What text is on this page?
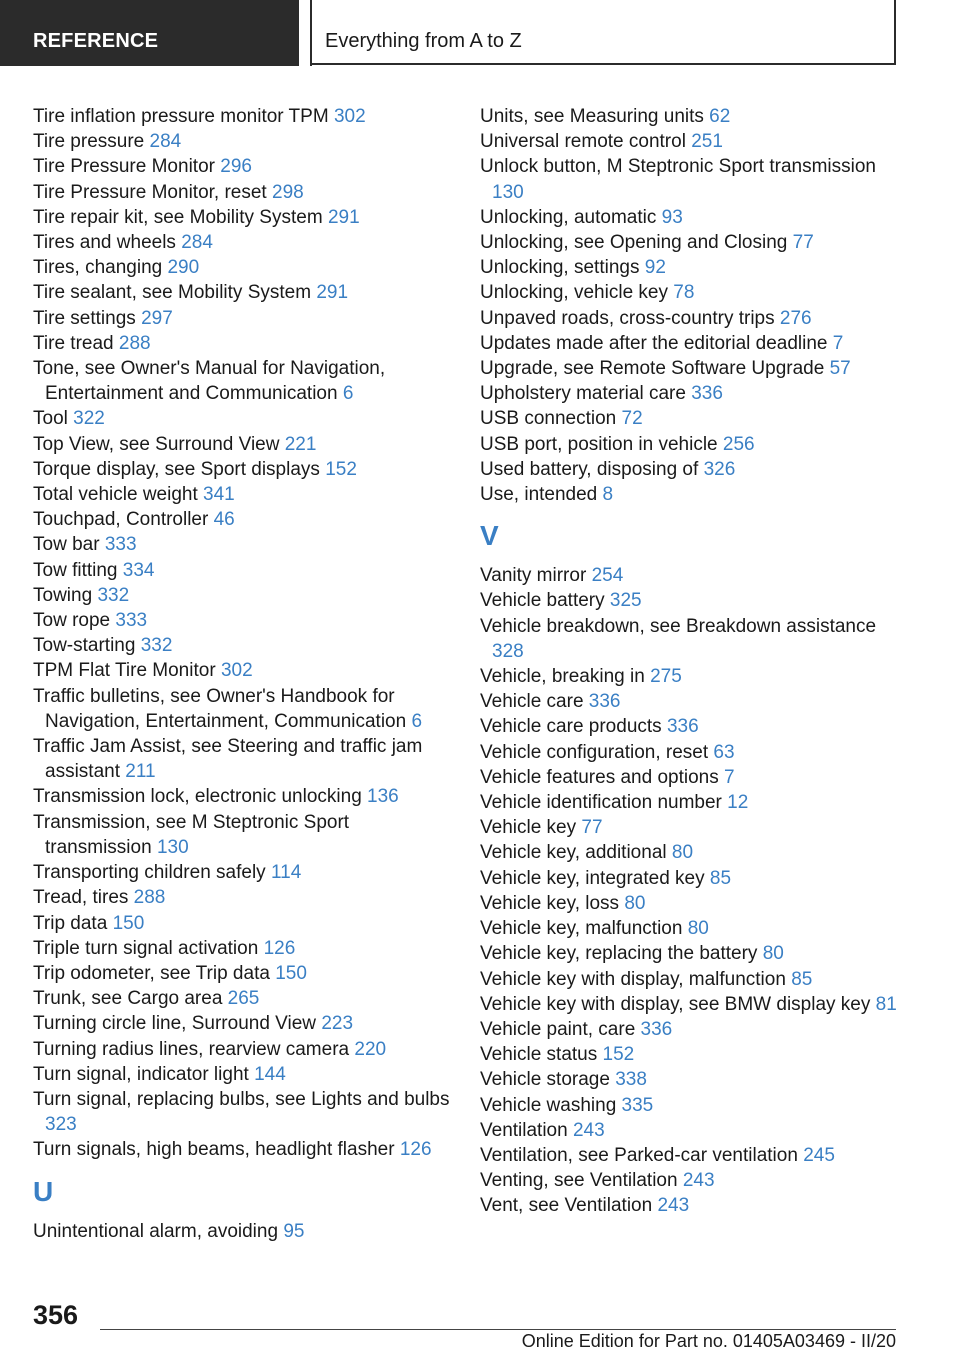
REFERENCE	Everything from A to Z
Tire inflation pressure monitor TPM 302
Tire pressure 284
Tire Pressure Monitor 296
Tire Pressure Monitor, reset 298
Tire repair kit, see Mobility System 291
Tires and wheels 284
Tires, changing 290
Tire sealant, see Mobility System 291
Tire settings 297
Tire tread 288
Tone, see Owner's Manual for Navigation, Entertainment and Communication 6
Tool 322
Top View, see Surround View 221
Torque display, see Sport displays 152
Total vehicle weight 341
Touchpad, Controller 46
Tow bar 333
Tow fitting 334
Towing 332
Tow rope 333
Tow-starting 332
TPM Flat Tire Monitor 302
Traffic bulletins, see Owner's Handbook for Navigation, Entertainment, Communication 6
Traffic Jam Assist, see Steering and traffic jam assistant 211
Transmission lock, electronic unlocking 136
Transmission, see M Steptronic Sport transmission 130
Transporting children safely 114
Tread, tires 288
Trip data 150
Triple turn signal activation 126
Trip odometer, see Trip data 150
Trunk, see Cargo area 265
Turning circle line, Surround View 223
Turning radius lines, rearview camera 220
Turn signal, indicator light 144
Turn signal, replacing bulbs, see Lights and bulbs 323
Turn signals, high beams, headlight flasher 126
U
Unintentional alarm, avoiding 95
Units, see Measuring units 62
Universal remote control 251
Unlock button, M Steptronic Sport transmission 130
Unlocking, automatic 93
Unlocking, see Opening and Closing 77
Unlocking, settings 92
Unlocking, vehicle key 78
Unpaved roads, cross-country trips 276
Updates made after the editorial deadline 7
Upgrade, see Remote Software Upgrade 57
Upholstery material care 336
USB connection 72
USB port, position in vehicle 256
Used battery, disposing of 326
Use, intended 8
V
Vanity mirror 254
Vehicle battery 325
Vehicle breakdown, see Breakdown assistance 328
Vehicle, breaking in 275
Vehicle care 336
Vehicle care products 336
Vehicle configuration, reset 63
Vehicle features and options 7
Vehicle identification number 12
Vehicle key 77
Vehicle key, additional 80
Vehicle key, integrated key 85
Vehicle key, loss 80
Vehicle key, malfunction 80
Vehicle key, replacing the battery 80
Vehicle key with display, malfunction 85
Vehicle key with display, see BMW display key 81
Vehicle paint, care 336
Vehicle status 152
Vehicle storage 338
Vehicle washing 335
Ventilation 243
Ventilation, see Parked-car ventilation 245
Venting, see Ventilation 243
Vent, see Ventilation 243
356
Online Edition for Part no. 01405A03469 - II/20
